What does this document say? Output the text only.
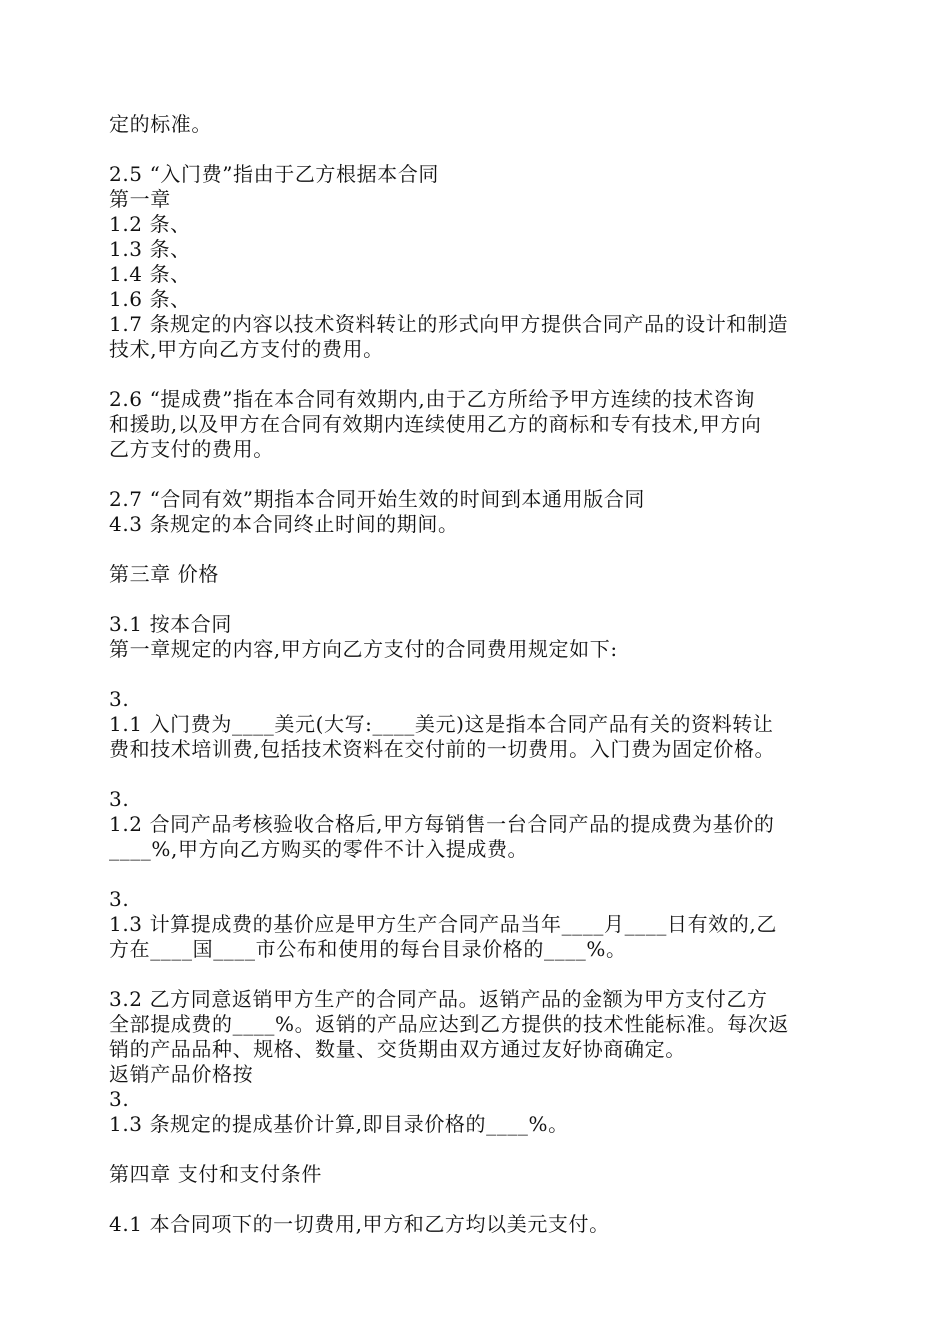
定的标准。
2.5 “入门费”指由于乙方根据本合同
第一章
1.2 条、
1.3 条、
1.4 条、
1.6 条、
1.7 条规定的内容以技术资料转让的形式向甲方提供合同产品的设计和制造
技术,甲方向乙方支付的费用。
2.6 “提成费”指在本合同有效期内,由于乙方所给予甲方连续的技术咨询
和援助,以及甲方在合同有效期内连续使用乙方的商标和专有技术,甲方向
乙方支付的费用。
2.7 “合同有效”期指本合同开始生效的时间到本通用版合同
4.3 条规定的本合同终止时间的期间。
第三章 价格
3.1 按本合同
第一章规定的内容,甲方向乙方支付的合同费用规定如下:
3.
1.1 入门费为____美元(大写:____美元)这是指本合同产品有关的资料转让
费和技术培训费,包括技术资料在交付前的一切费用。入门费为固定价格。
3.
1.2 合同产品考核验收合格后,甲方每销售一台合同产品的提成费为基价的
____%,甲方向乙方购买的零件不计入提成费。
3.
1.3 计算提成费的基价应是甲方生产合同产品当年____月____日有效的,乙
方在____国____市公布和使用的每台目录价格的____%。
3.2 乙方同意返销甲方生产的合同产品。返销产品的金额为甲方支付乙方
全部提成费的____%。返销的产品应达到乙方提供的技术性能标准。每次返
销的产品品种、规格、数量、交货期由双方通过友好协商确定。
返销产品价格按
3.
1.3 条规定的提成基价计算,即目录价格的____%。
第四章 支付和支付条件
4.1 本合同项下的一切费用,甲方和乙方均以美元支付。
